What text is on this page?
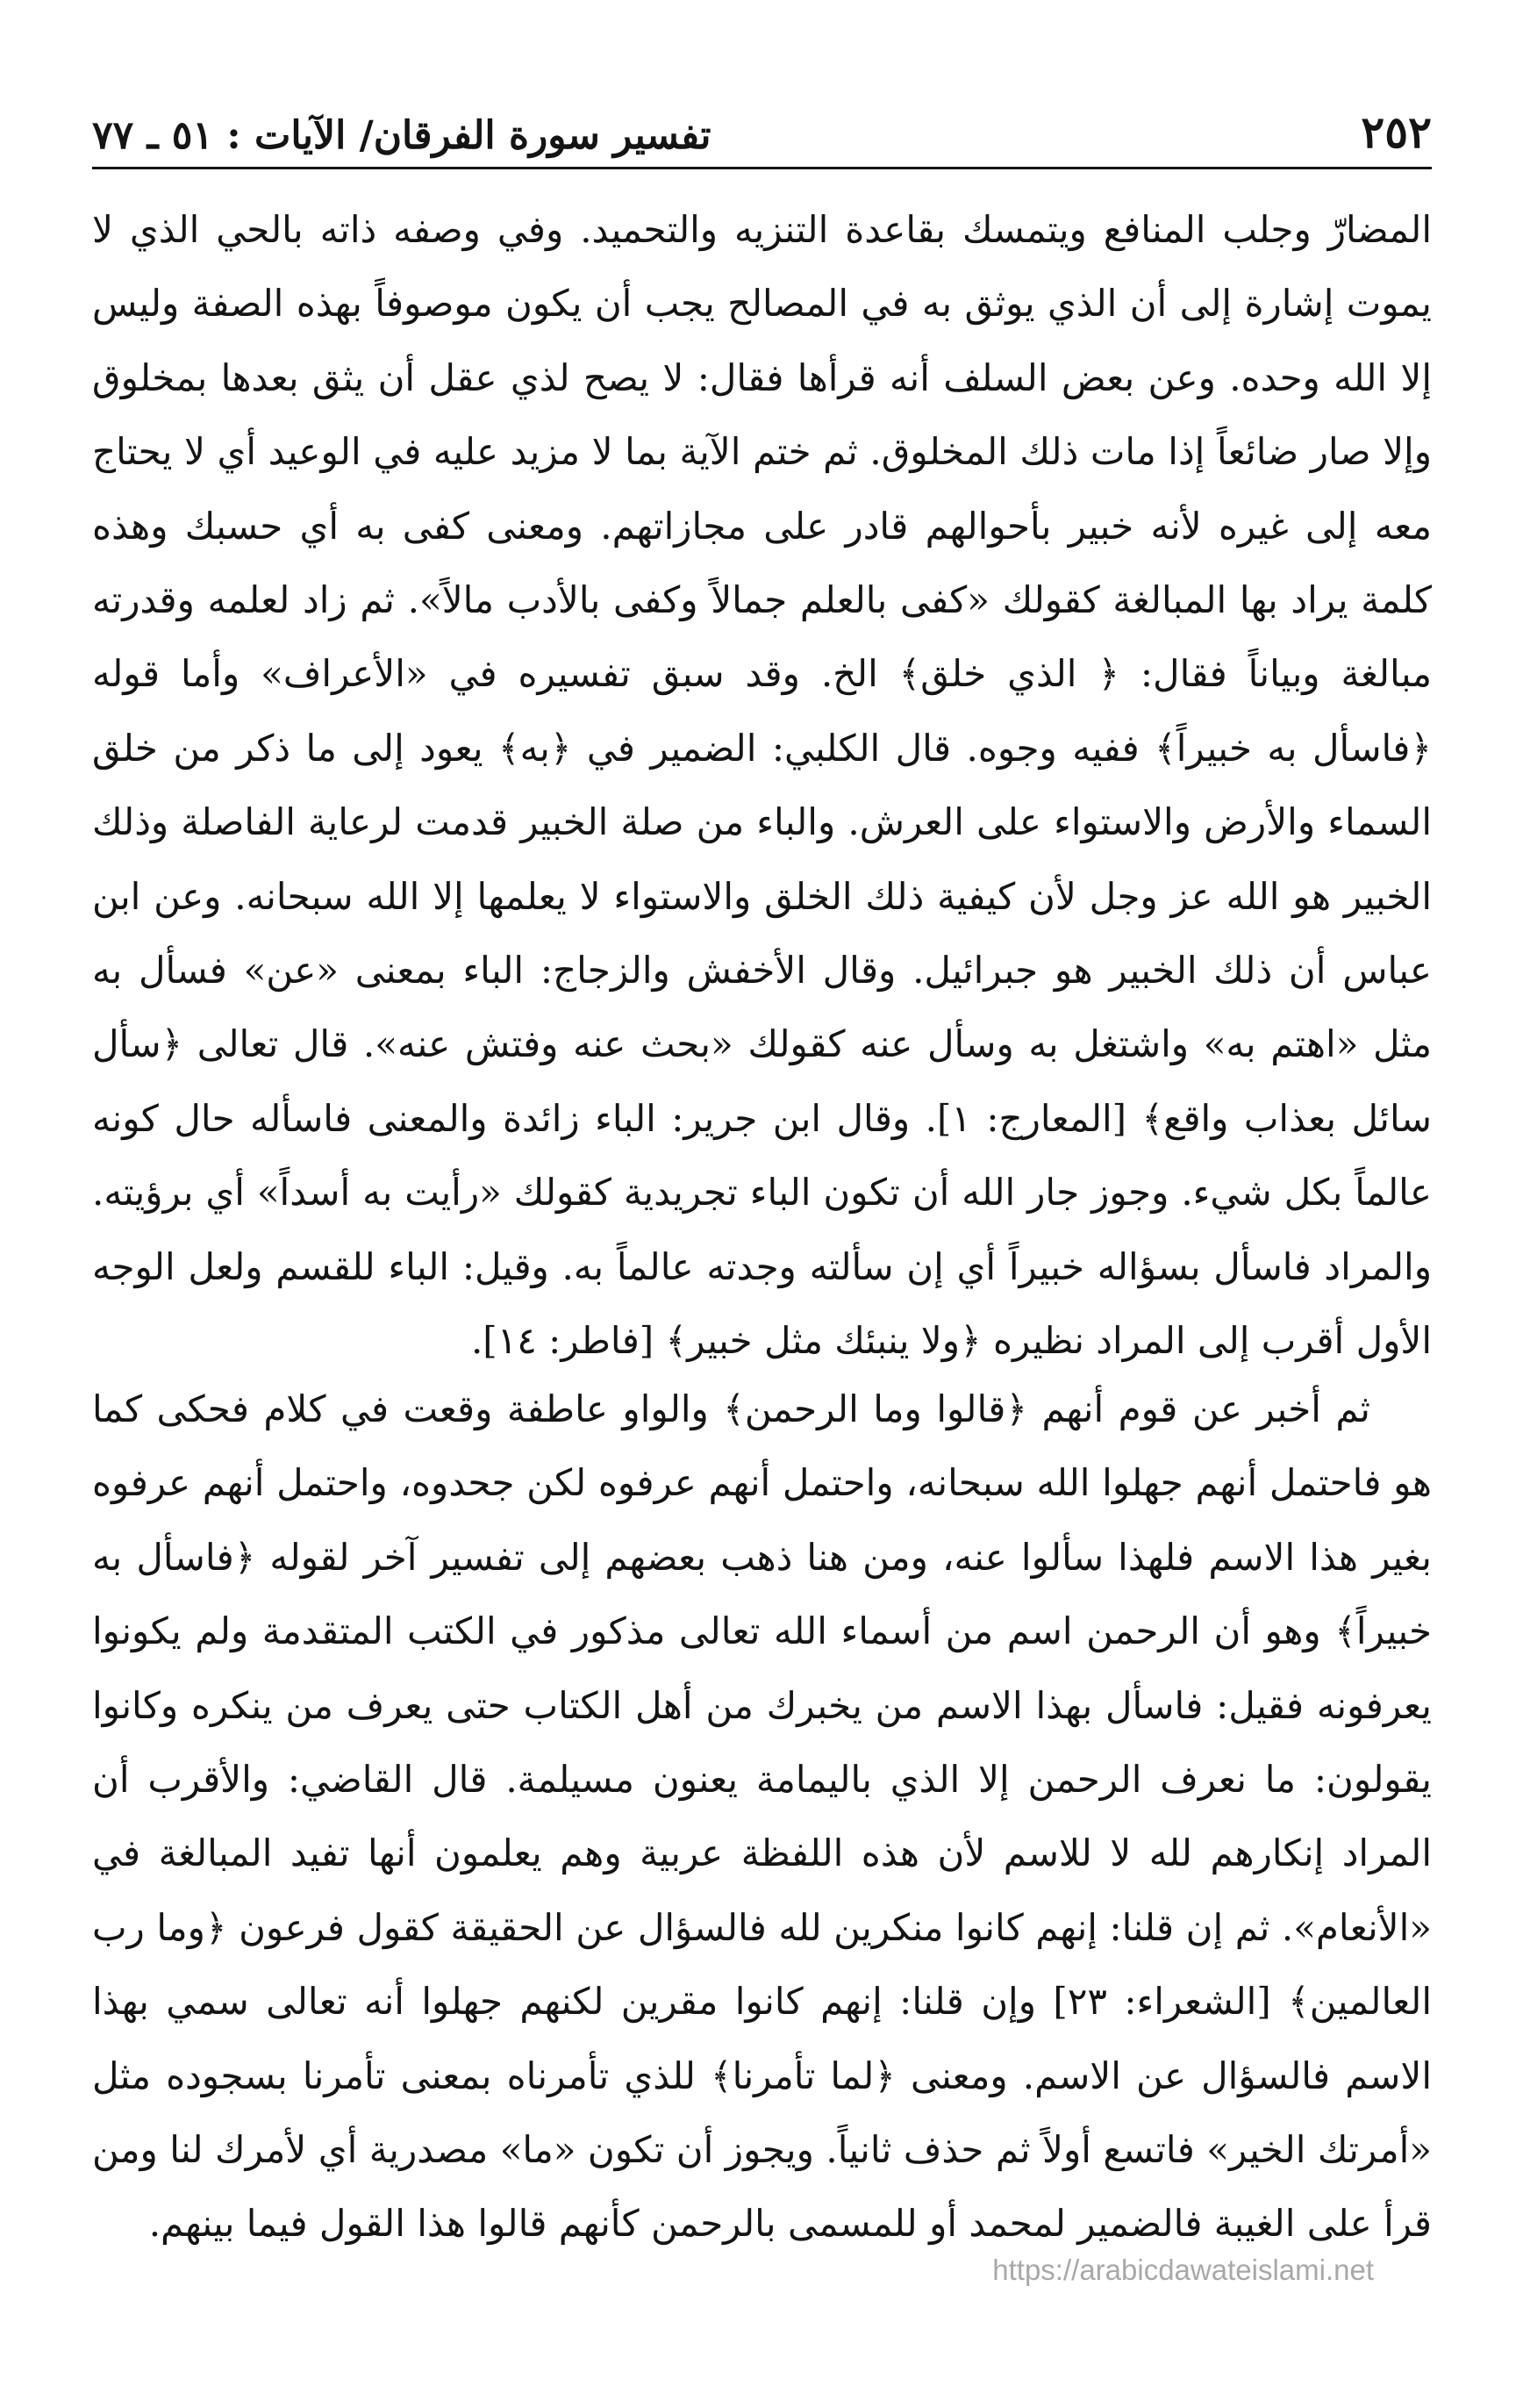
٢٥٢
تفسير سورة الفرقان/ الآيات : ٥١ ـ ٧٧

المضارّ وجلب المنافع ويتمسك بقاعدة التنزيه والتحميد. وفي وصفه ذاته بالحي الذي لا يموت إشارة إلى أن الذي يوثق به في المصالح يجب أن يكون موصوفاً بهذه الصفة وليس إلا الله وحده. وعن بعض السلف أنه قرأها فقال: لا يصح لذي عقل أن يثق بعدها بمخلوق وإلا صار ضائعاً إذا مات ذلك المخلوق. ثم ختم الآية بما لا مزيد عليه في الوعيد أي لا يحتاج معه إلى غيره لأنه خبير بأحوالهم قادر على مجازاتهم. ومعنى كفى به أي حسبك وهذه كلمة يراد بها المبالغة كقولك «كفى بالعلم جمالاً وكفى بالأدب مالاً». ثم زاد لعلمه وقدرته مبالغة وبياناً فقال: ﴿ الذي خلق﴾ الخ. وقد سبق تفسيره في «الأعراف» وأما قوله ﴿فاسأل به خبيراً﴾ ففيه وجوه. قال الكلبي: الضمير في ﴿به﴾ يعود إلى ما ذكر من خلق السماء والأرض والاستواء على العرش. والباء من صلة الخبير قدمت لرعاية الفاصلة وذلك الخبير هو الله عز وجل لأن كيفية ذلك الخلق والاستواء لا يعلمها إلا الله سبحانه. وعن ابن عباس أن ذلك الخبير هو جبرائيل. وقال الأخفش والزجاج: الباء بمعنى «عن» فسأل به مثل «اهتم به» واشتغل به وسأل عنه كقولك «بحث عنه وفتش عنه». قال تعالى ﴿سأل سائل بعذاب واقع﴾ [المعارج: ١]. وقال ابن جرير: الباء زائدة والمعنى فاسأله حال كونه عالماً بكل شيء. وجوز جار الله أن تكون الباء تجريدية كقولك «رأيت به أسداً» أي برؤيته. والمراد فاسأل بسؤاله خبيراً أي إن سألته وجدته عالماً به. وقيل: الباء للقسم ولعل الوجه الأول أقرب إلى المراد نظيره ﴿ولا ينبئك مثل خبير﴾ [فاطر: ١٤].

ثم أخبر عن قوم أنهم ﴿قالوا وما الرحمن﴾ والواو عاطفة وقعت في كلام فحكى كما هو فاحتمل أنهم جهلوا الله سبحانه، واحتمل أنهم عرفوه لكن جحدوه، واحتمل أنهم عرفوه بغير هذا الاسم فلهذا سألوا عنه، ومن هنا ذهب بعضهم إلى تفسير آخر لقوله ﴿فاسأل به خبيراً﴾ وهو أن الرحمن اسم من أسماء الله تعالى مذكور في الكتب المتقدمة ولم يكونوا يعرفونه فقيل: فاسأل بهذا الاسم من يخبرك من أهل الكتاب حتى يعرف من ينكره وكانوا يقولون: ما نعرف الرحمن إلا الذي باليمامة يعنون مسيلمة. قال القاضي: والأقرب أن المراد إنكارهم لله لا للاسم لأن هذه اللفظة عربية وهم يعلمون أنها تفيد المبالغة في «الأنعام». ثم إن قلنا: إنهم كانوا منكرين لله فالسؤال عن الحقيقة كقول فرعون ﴿وما رب العالمين﴾ [الشعراء: ٢٣] وإن قلنا: إنهم كانوا مقرين لكنهم جهلوا أنه تعالى سمي بهذا الاسم فالسؤال عن الاسم. ومعنى ﴿لما تأمرنا﴾ للذي تأمرناه بمعنى تأمرنا بسجوده مثل «أمرتك الخير» فاتسع أولاً ثم حذف ثانياً. ويجوز أن تكون «ما» مصدرية أي لأمرك لنا ومن قرأ على الغيبة فالضمير لمحمد أو للمسمى بالرحمن كأنهم قالوا هذا القول فيما بينهم.

https://arabicdawateislami.net
